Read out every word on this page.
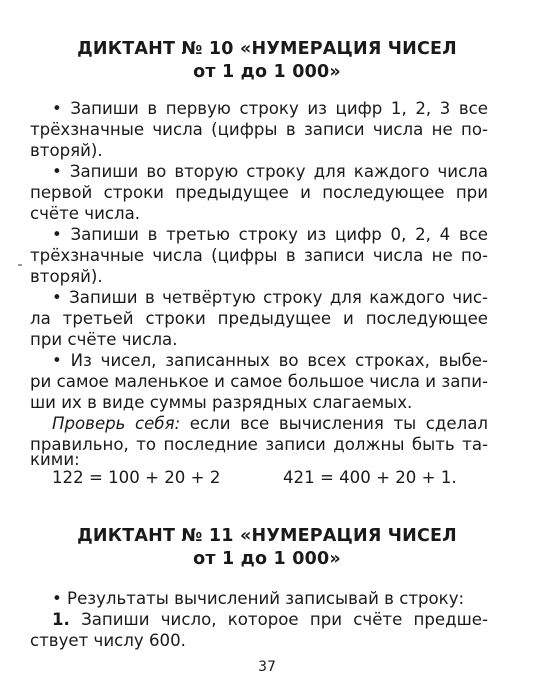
ДИКТАНТ № 10 «НУМЕРАЦИЯ ЧИСЕЛ
от 1 до 1 000»
• Запиши в первую строку из цифр 1, 2, 3 все
трёхзначные числа (цифры в записи числа не по-
вторяй).
• Запиши во вторую строку для каждого числа
первой строки предыдущее и последующее при
счёте числа.
• Запиши в третью строку из цифр 0, 2, 4 все
трёхзначные числа (цифры в записи числа не по-
вторяй).
• Запиши в четвёртую строку для каждого чис-
ла третьей строки предыдущее и последующее
при счёте числа.
• Из чисел, записанных во всех строках, выбе-
ри самое маленькое и самое большое числа и запи-
ши их в виде суммы разрядных слагаемых.
Проверь себя: если все вычисления ты сделал
правильно, то последние записи должны быть та-
кими:
122 = 100 + 20 + 2	421 = 400 + 20 + 1.
ДИКТАНТ № 11 «НУМЕРАЦИЯ ЧИСЕЛ
от 1 до 1 000»
• Результаты вычислений записывай в строку:
1. Запиши число, которое при счёте предше-
ствует числу 600.
37
